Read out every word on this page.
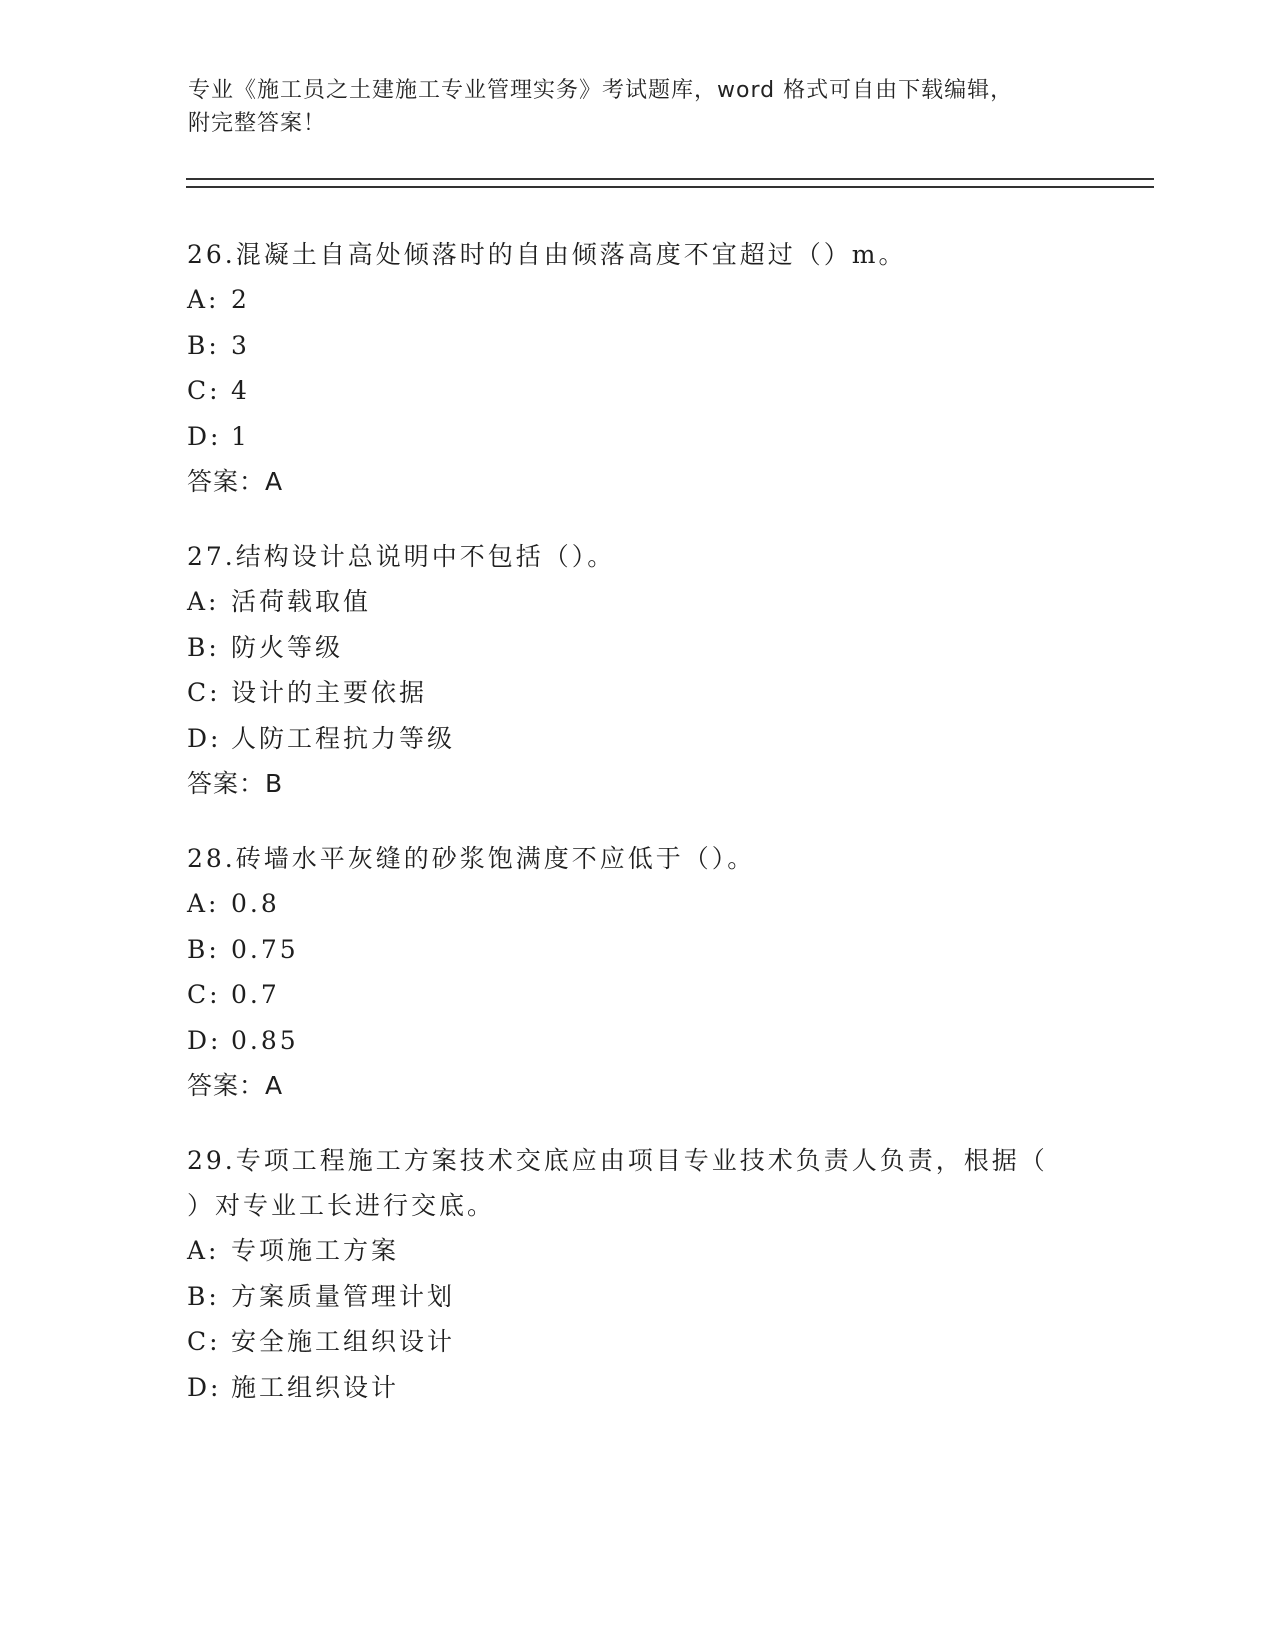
专业《施工员之土建施工专业管理实务》考试题库，word 格式可自由下载编辑，
附完整答案！
26.混凝土自高处倾落时的自由倾落高度不宜超过（）m。
A: 2
B: 3
C: 4
D: 1
答案：A
27.结构设计总说明中不包括（）。
A: 活荷载取值
B: 防火等级
C: 设计的主要依据
D: 人防工程抗力等级
答案：B
28.砖墙水平灰缝的砂浆饱满度不应低于（）。
A: 0.8
B: 0.75
C: 0.7
D: 0.85
答案：A
29.专项工程施工方案技术交底应由项目专业技术负责人负责，根据（
）对专业工长进行交底。
A: 专项施工方案
B: 方案质量管理计划
C: 安全施工组织设计
D: 施工组织设计
